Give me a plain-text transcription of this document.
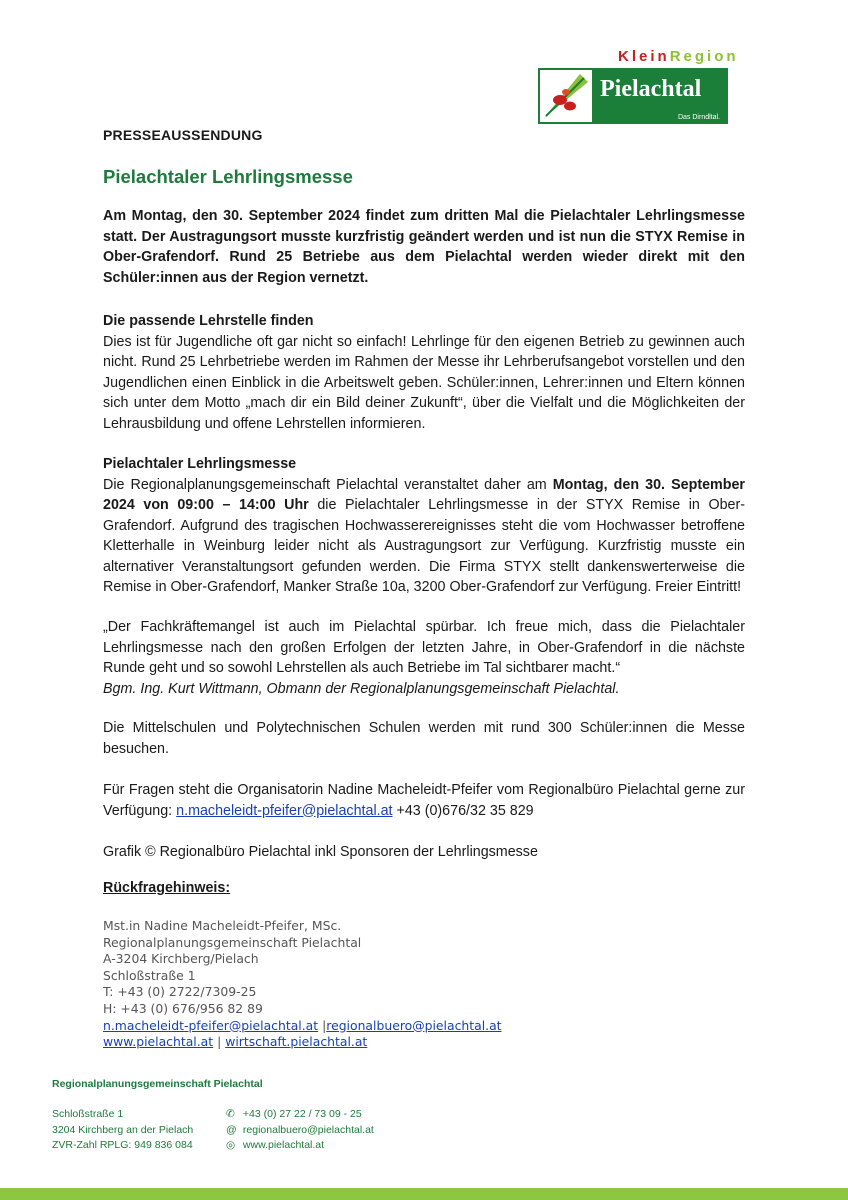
KleinRegion
Pielachtal
Das Dirndltal.
PRESSEAUSSENDUNG
Pielachtaler Lehrlingsmesse
Am Montag, den 30. September 2024 findet zum dritten Mal die Pielachtaler Lehrlingsmesse statt. Der Austragungsort musste kurzfristig geändert werden und ist nun die STYX Remise in Ober-Grafendorf. Rund 25 Betriebe aus dem Pielachtal werden wieder direkt mit den Schüler:innen aus der Region vernetzt.
Die passende Lehrstelle finden
Dies ist für Jugendliche oft gar nicht so einfach! Lehrlinge für den eigenen Betrieb zu gewinnen auch nicht. Rund 25 Lehrbetriebe werden im Rahmen der Messe ihr Lehrberufsangebot vorstellen und den Jugendlichen einen Einblick in die Arbeitswelt geben. Schüler:innen, Lehrer:innen und Eltern können sich unter dem Motto „mach dir ein Bild deiner Zukunft“, über die Vielfalt und die Möglichkeiten der Lehrausbildung und offene Lehrstellen informieren.
Pielachtaler Lehrlingsmesse
Die Regionalplanungsgemeinschaft Pielachtal veranstaltet daher am Montag, den 30. September 2024 von 09:00 – 14:00 Uhr die Pielachtaler Lehrlingsmesse in der STYX Remise in Ober-Grafendorf. Aufgrund des tragischen Hochwasserereignisses steht die vom Hochwasser betroffene Kletterhalle in Weinburg leider nicht als Austragungsort zur Verfügung. Kurzfristig musste ein alternativer Veranstaltungsort gefunden werden. Die Firma STYX stellt dankenswerterweise die Remise in Ober-Grafendorf, Manker Straße 10a, 3200 Ober-Grafendorf zur Verfügung. Freier Eintritt!
„Der Fachkräftemangel ist auch im Pielachtal spürbar. Ich freue mich, dass die Pielachtaler Lehrlingsmesse nach den großen Erfolgen der letzten Jahre, in Ober-Grafendorf in die nächste Runde geht und so sowohl Lehrstellen als auch Betriebe im Tal sichtbarer macht.“
Bgm. Ing. Kurt Wittmann, Obmann der Regionalplanungsgemeinschaft Pielachtal.
Die Mittelschulen und Polytechnischen Schulen werden mit rund 300 Schüler:innen die Messe besuchen.
Für Fragen steht die Organisatorin Nadine Macheleidt-Pfeifer vom Regionalbüro Pielachtal gerne zur Verfügung: n.macheleidt-pfeifer@pielachtal.at +43 (0)676/32 35 829
Grafik © Regionalbüro Pielachtal inkl Sponsoren der Lehrlingsmesse
Rückfragehinweis:
Mst.in Nadine Macheleidt-Pfeifer, MSc.
Regionalplanungsgemeinschaft Pielachtal
A-3204 Kirchberg/Pielach
Schloßstraße 1
T: +43 (0) 2722/7309-25
H: +43 (0) 676/956 82 89
n.macheleidt-pfeifer@pielachtal.at |regionalbuero@pielachtal.at
www.pielachtal.at | wirtschaft.pielachtal.at
Regionalplanungsgemeinschaft Pielachtal
Schloßstraße 1
3204 Kirchberg an der Pielach
ZVR-Zahl RPLG: 949 836 084
✆ +43 (0) 27 22 / 73 09 - 25
@ regionalbuero@pielachtal.at
◎ www.pielachtal.at
